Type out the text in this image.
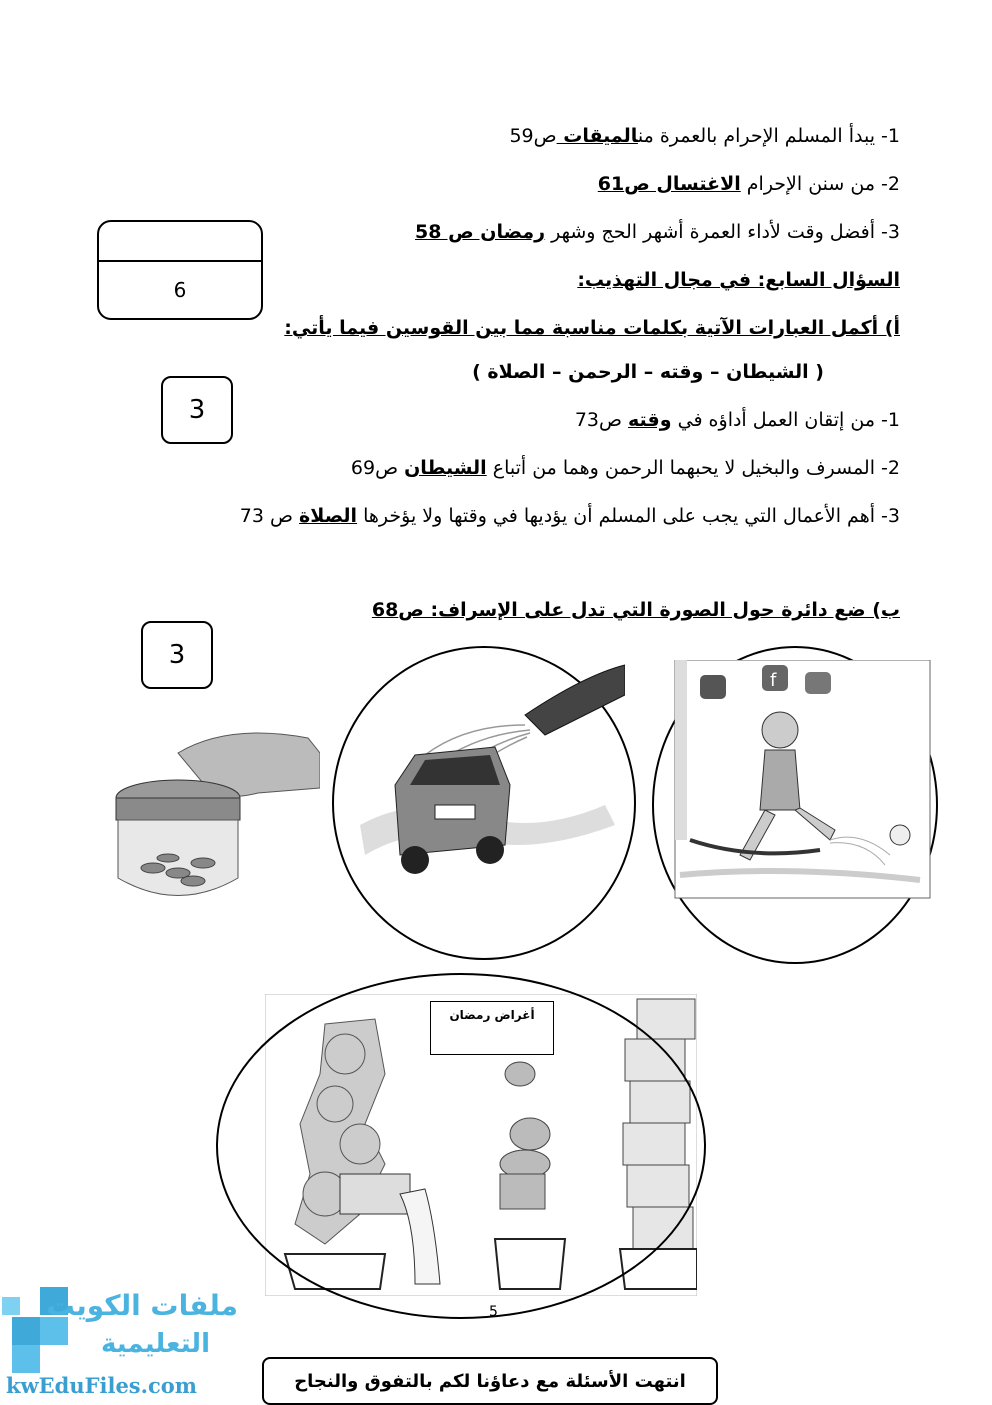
1- يبدأ المسلم الإحرام بالعمرة منالميقات ص59
2- من سنن الإحرام الاغتسال ص61
3- أفضل وقت لأداء العمرة أشهر الحج وشهر رمضان ص 58
6	السؤال السابع: في مجال التهذيب:
أ) أكمل العبارات الآتية بكلمات مناسبة مما بين القوسين فيما يأتي:
( الشيطان – وقته – الرحمن – الصلاة )
3	1- من إتقان العمل أداؤه في وقته ص73
2- المسرف والبخيل لا يحبهما الرحمن وهما من أتباع الشيطان ص69
3- أهم الأعمال التي يجب على المسلم أن يؤديها في وقتها ولا يؤخرها الصلاة ص 73
ب) ضع دائرة حول الصورة التي تدل على الإسراف: ص68
3
f
أغراض رمضان
5
ملفات الكويت
التعليمية
kwEduFiles.com	انتهت الأسئلة مع دعاؤنا لكم بالتفوق والنجاح
